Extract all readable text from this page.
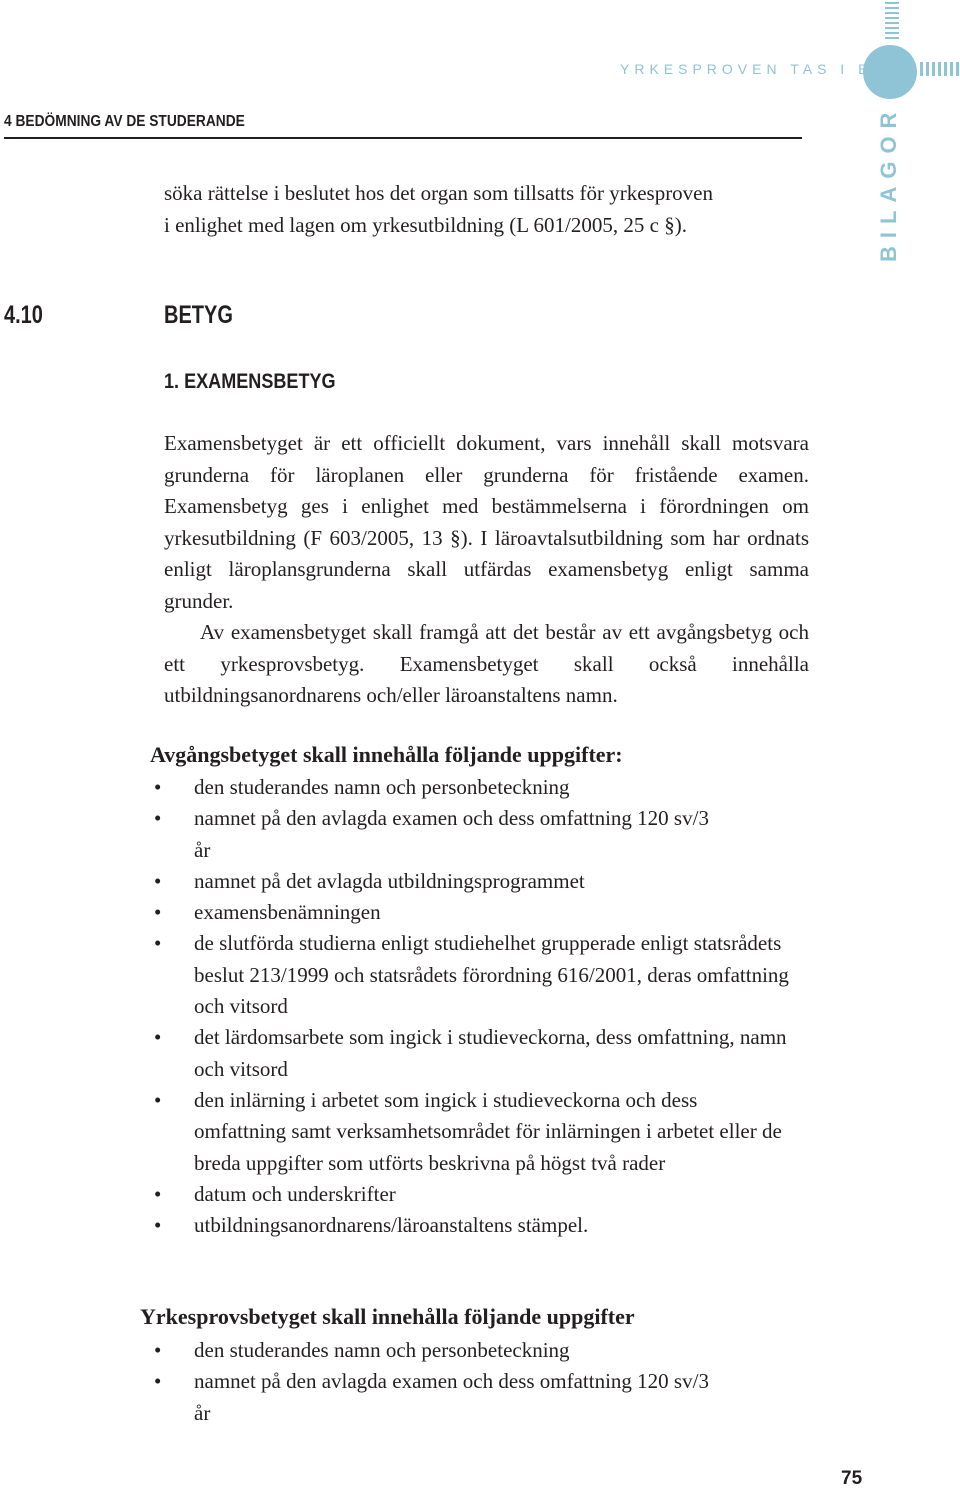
YRKESPROVEN TAS I BRUK
BILAGOR
4 BEDÖMNING AV DE STUDERANDE

söka rättelse i beslutet hos det organ som tillsatts för yrkesproven

i enlighet med lagen om yrkesutbildning (L 601/2005, 25 c §).

4.10	BETYG
1. EXAMENSBETYG

Examensbetyget är ett officiellt dokument, vars innehåll skall motsvara grunderna för läroplanen eller grunderna för fristående examen. Examensbetyg ges i enlighet med bestämmelserna i förordningen om yrkesutbildning (F 603/2005, 13 §). I läroavtalsutbildning som har ordnats enligt läroplansgrunderna skall utfärdas examensbetyg enligt samma grunder.

Av examensbetyget skall framgå att det består av ett avgångsbetyg och ett yrkesprovsbetyg. Examensbetyget skall också innehålla utbildningsanordnarens och/eller läroanstaltens namn.

Avgångsbetyget skall innehålla följande uppgifter:
• den studerandes namn och personbeteckning
• namnet på den avlagda examen och dess omfattning 120 sv/3 år
• namnet på det avlagda utbildningsprogrammet
• examensbenämningen
• de slutförda studierna enligt studiehelhet grupperade enligt statsrådets beslut 213/1999 och statsrådets förordning 616/2001, deras omfattning och vitsord
• det lärdomsarbete som ingick i studieveckorna, dess omfattning, namn och vitsord
• den inlärning i arbetet som ingick i studieveckorna och dess omfattning samt verksamhetsområdet för inlärningen i arbetet eller de breda uppgifter som utförts beskrivna på högst två rader
• datum och underskrifter
• utbildningsanordnarens/läroanstaltens stämpel.
Yrkesprovsbetyget skall innehålla följande uppgifter
• den studerandes namn och personbeteckning
• namnet på den avlagda examen och dess omfattning 120 sv/3 år
75
